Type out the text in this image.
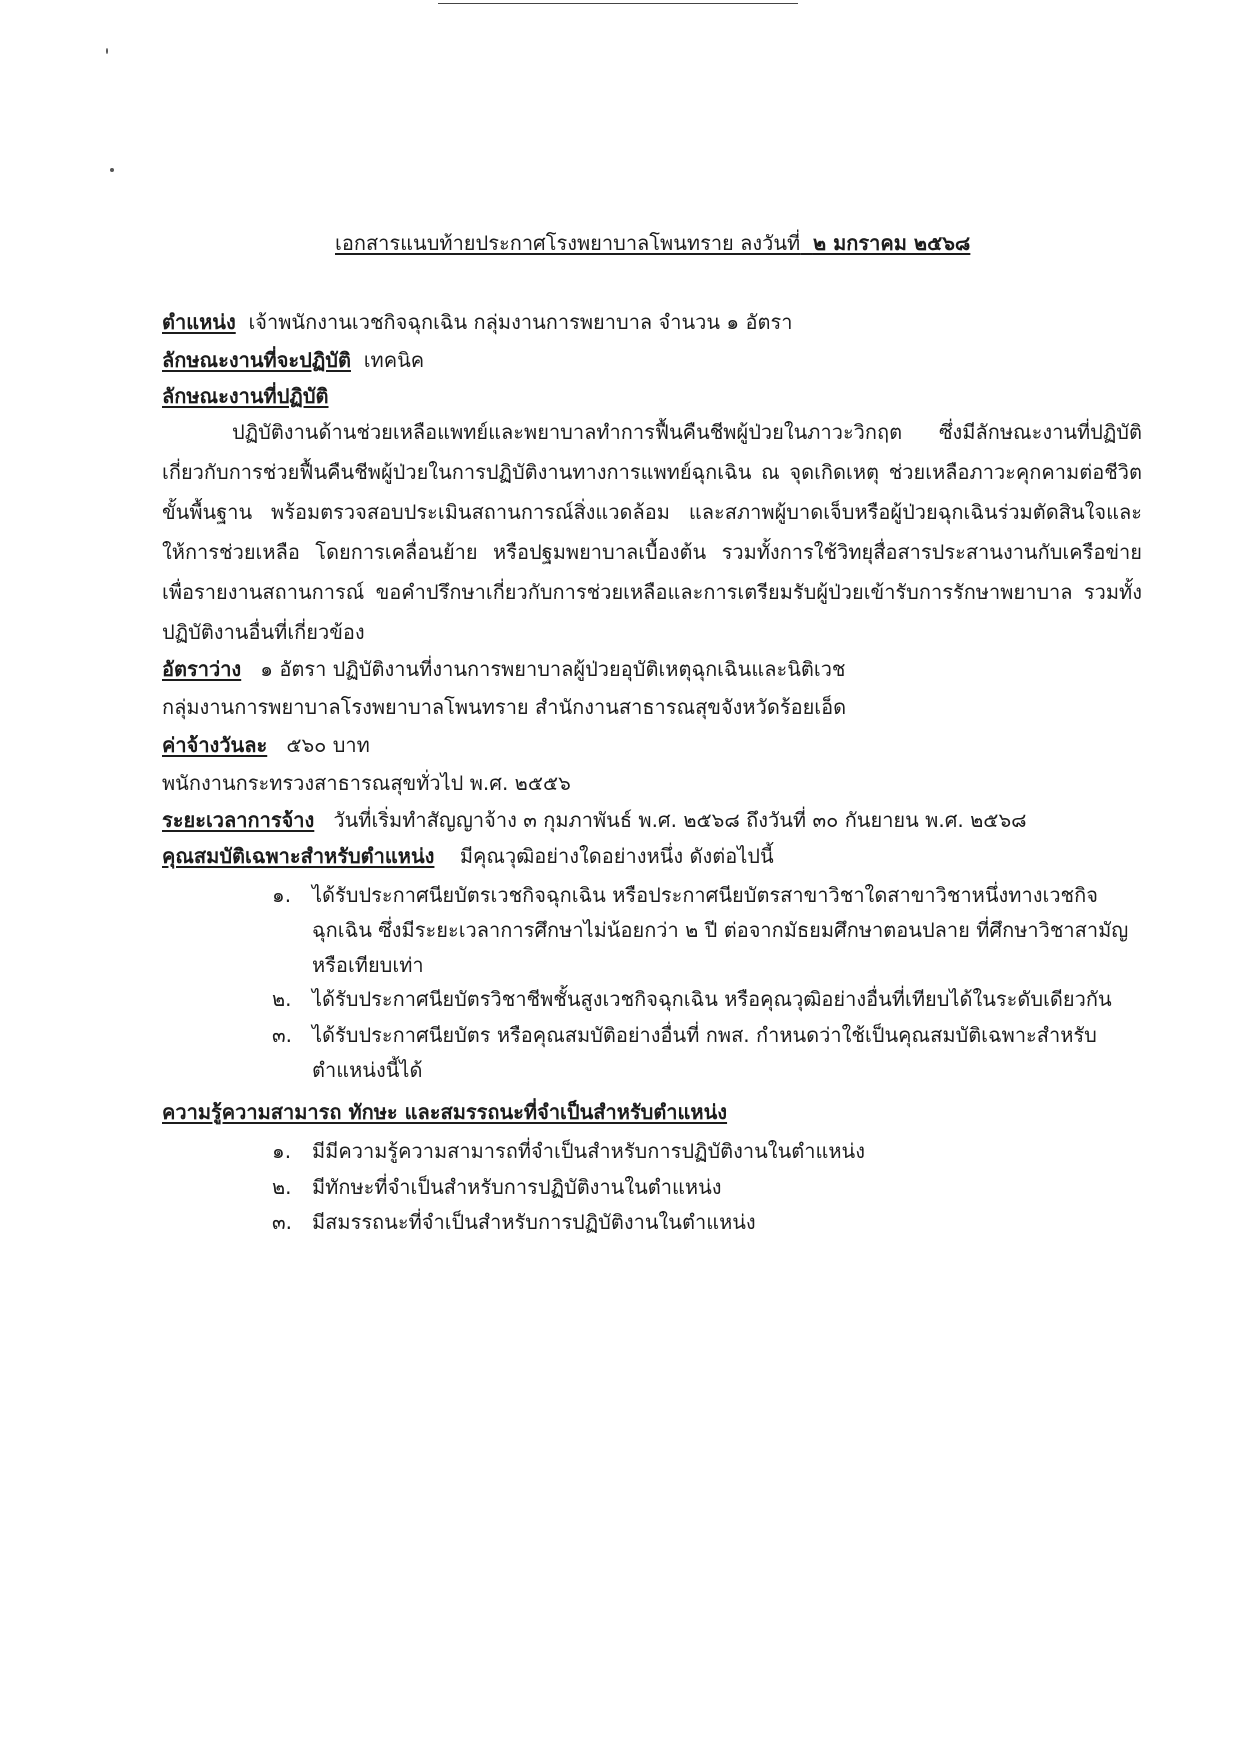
เอกสารแนบท้ายประกาศโรงพยาบาลโพนทราย ลงวันที่ ๒ มกราคม ๒๕๖๘
ตำแหน่ง เจ้าพนักงานเวชกิจฉุกเฉิน กลุ่มงานการพยาบาล จำนวน ๑ อัตรา
ลักษณะงานที่จะปฏิบัติ เทคนิค
ลักษณะงานที่ปฏิบัติ
ปฏิบัติงานด้านช่วยเหลือแพทย์และพยาบาลทำการฟื้นคืนชีพผู้ป่วยในภาวะวิกฤต ซึ่งมีลักษณะงานที่ปฏิบัติเกี่ยวกับการช่วยฟื้นคืนชีพผู้ป่วยในการปฏิบัติงานทางการแพทย์ฉุกเฉิน ณ จุดเกิดเหตุ ช่วยเหลือภาวะคุกคามต่อชีวิตขั้นพื้นฐาน พร้อมตรวจสอบประเมินสถานการณ์สิ่งแวดล้อม และสภาพผู้บาดเจ็บหรือผู้ป่วยฉุกเฉินร่วมตัดสินใจและให้การช่วยเหลือ โดยการเคลื่อนย้าย หรือปฐมพยาบาลเบื้องต้น รวมทั้งการใช้วิทยุสื่อสารประสานงานกับเครือข่าย เพื่อรายงานสถานการณ์ ขอคำปรึกษาเกี่ยวกับการช่วยเหลือและการเตรียมรับผู้ป่วยเข้ารับการรักษาพยาบาล รวมทั้งปฏิบัติงานอื่นที่เกี่ยวข้อง
อัตราว่าง ๑ อัตรา ปฏิบัติงานที่งานการพยาบาลผู้ป่วยอุบัติเหตุฉุกเฉินและนิติเวช
กลุ่มงานการพยาบาลโรงพยาบาลโพนทราย สำนักงานสาธารณสุขจังหวัดร้อยเอ็ด
ค่าจ้างวันละ ๕๖๐ บาท
พนักงานกระทรวงสาธารณสุขทั่วไป พ.ศ. ๒๕๕๖
ระยะเวลาการจ้าง วันที่เริ่มทำสัญญาจ้าง ๓ กุมภาพันธ์ พ.ศ. ๒๕๖๘ ถึงวันที่ ๓๐ กันยายน พ.ศ. ๒๕๖๘
คุณสมบัติเฉพาะสำหรับตำแหน่ง มีคุณวุฒิอย่างใดอย่างหนึ่ง ดังต่อไปนี้
๑. ได้รับประกาศนียบัตรเวชกิจฉุกเฉิน หรือประกาศนียบัตรสาขาวิชาใดสาขาวิชาหนึ่งทางเวชกิจฉุกเฉิน ซึ่งมีระยะเวลาการศึกษาไม่น้อยกว่า ๒ ปี ต่อจากมัธยมศึกษาตอนปลาย ที่ศึกษาวิชาสามัญ หรือเทียบเท่า
๒. ได้รับประกาศนียบัตรวิชาชีพชั้นสูงเวชกิจฉุกเฉิน หรือคุณวุฒิอย่างอื่นที่เทียบได้ในระดับเดียวกัน
๓. ได้รับประกาศนียบัตร หรือคุณสมบัติอย่างอื่นที่ กพส. กำหนดว่าใช้เป็นคุณสมบัติเฉพาะสำหรับตำแหน่งนี้ได้
ความรู้ความสามารถ ทักษะ และสมรรถนะที่จำเป็นสำหรับตำแหน่ง
๑. มีมีความรู้ความสามารถที่จำเป็นสำหรับการปฏิบัติงานในตำแหน่ง
๒. มีทักษะที่จำเป็นสำหรับการปฏิบัติงานในตำแหน่ง
๓. มีสมรรถนะที่จำเป็นสำหรับการปฏิบัติงานในตำแหน่ง
